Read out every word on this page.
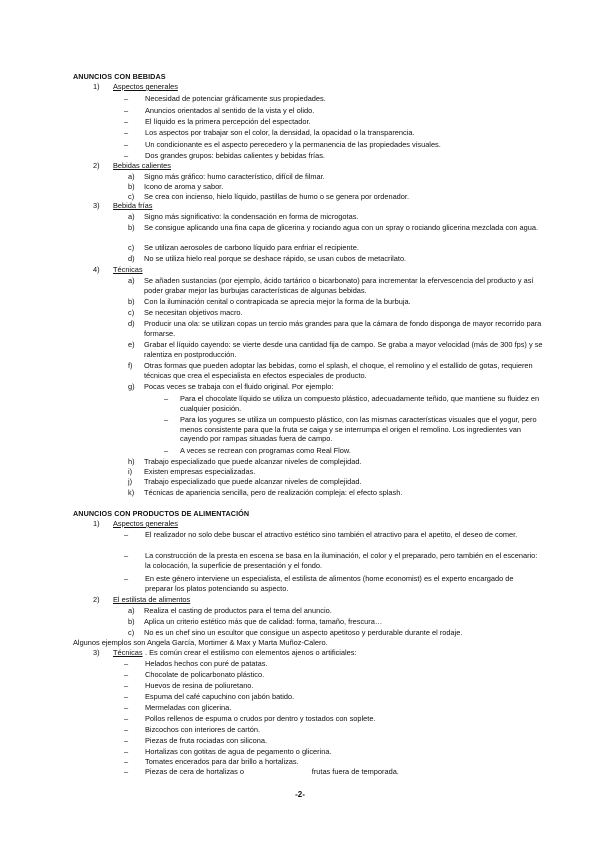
ANUNCIOS CON BEBIDAS
1) Aspectos generales
– Necesidad de potenciar gráficamente sus propiedades.
– Anuncios orientados al sentido de la vista y el olido.
– El líquido es la primera percepción del espectador.
– Los aspectos por trabajar son el color, la densidad, la opacidad o la transparencia.
– Un condicionante es el aspecto perecedero y la permanencia de las propiedades visuales.
– Dos grandes grupos: bebidas calientes y bebidas frías.
2) Bebidas calientes
a) Signo más gráfico: humo característico, difícil de filmar.
b) Icono de aroma y sabor.
c) Se crea con incienso, hielo líquido, pastillas de humo o se genera por ordenador.
3) Bebida frías
a) Signo más significativo: la condensación en forma de microgotas.
b) Se consigue aplicando una fina capa de glicerina y rociando agua con un spray o rociando glicerina mezclada con agua.
c) Se utilizan aerosoles de carbono líquido para enfriar el recipiente.
d) No se utiliza hielo real porque se deshace rápido, se usan cubos de metacrilato.
4) Técnicas
a) Se añaden sustancias (por ejemplo, ácido tartárico o bicarbonato) para incrementar la efervescencia del producto y así poder grabar mejor las burbujas características de algunas bebidas.
b) Con la iluminación cenital o contrapicada se aprecia mejor la forma de la burbuja.
c) Se necesitan objetivos macro.
d) Producir una ola: se utilizan copas un tercio más grandes para que la cámara de fondo disponga de mayor recorrido para formarse.
e) Grabar el líquido cayendo: se vierte desde una cantidad fija de campo. Se graba a mayor velocidad (más de 300 fps) y se ralentiza en postproducción.
f) Otras formas que pueden adoptar las bebidas, como el splash, el choque, el remolino y el estallido de gotas, requieren técnicas que crea el especialista en efectos especiales de producto.
g) Pocas veces se trabaja con el fluido original. Por ejemplo:
– Para el chocolate líquido se utiliza un compuesto plástico, adecuadamente teñido, que mantiene su fluidez en cualquier posición.
– Para los yogures se utiliza un compuesto plástico, con las mismas características visuales que el yogur, pero menos consistente para que la fruta se caiga y se interrumpa el origen el remolino. Los ingredientes van cayendo por rampas situadas fuera de campo.
– A veces se recrean con programas como Real Flow.
h) Trabajo especializado que puede alcanzar niveles de complejidad.
i) Existen empresas especializadas.
j) Trabajo especializado que puede alcanzar niveles de complejidad.
k) Técnicas de apariencia sencilla, pero de realización compleja: el efecto splash.
ANUNCIOS CON PRODUCTOS DE ALIMENTACIÓN
1) Aspectos generales
– El realizador no solo debe buscar el atractivo estético sino también el atractivo para el apetito, el deseo de comer.
– La construcción de la presta en escena se basa en la iluminación, el color y el preparado, pero también en el escenario: la colocación, la superficie de presentación y el fondo.
– En este género interviene un especialista, el estilista de alimentos (home economist) es el experto encargado de preparar los platos potenciando su aspecto.
2) El estilista de alimentos
a) Realiza el casting de productos para el tema del anuncio.
b) Aplica un criterio estético más que de calidad: forma, tamaño, frescura…
c) No es un chef sino un escultor que consigue un aspecto apetitoso y perdurable durante el rodaje.
Algunos ejemplos son Angela García, Mortimer & Max y Marta Muñoz-Calero.
3) Técnicas . Es común crear el estilismo con elementos ajenos o artificiales:
– Helados hechos con puré de patatas.
– Chocolate de policarbonato plástico.
– Huevos de resina de poliuretano.
– Espuma del café capuchino con jabón batido.
– Mermeladas con glicerina.
– Pollos rellenos de espuma o crudos por dentro y tostados con soplete.
– Bizcochos con interiores de cartón.
– Piezas de fruta rociadas con silicona.
– Hortalizas con gotitas de agua de pegamento o glicerina.
– Tomates encerados para dar brillo a hortalizas.
– Piezas de cera de hortalizas o                                 frutas fuera de temporada.
-2-
